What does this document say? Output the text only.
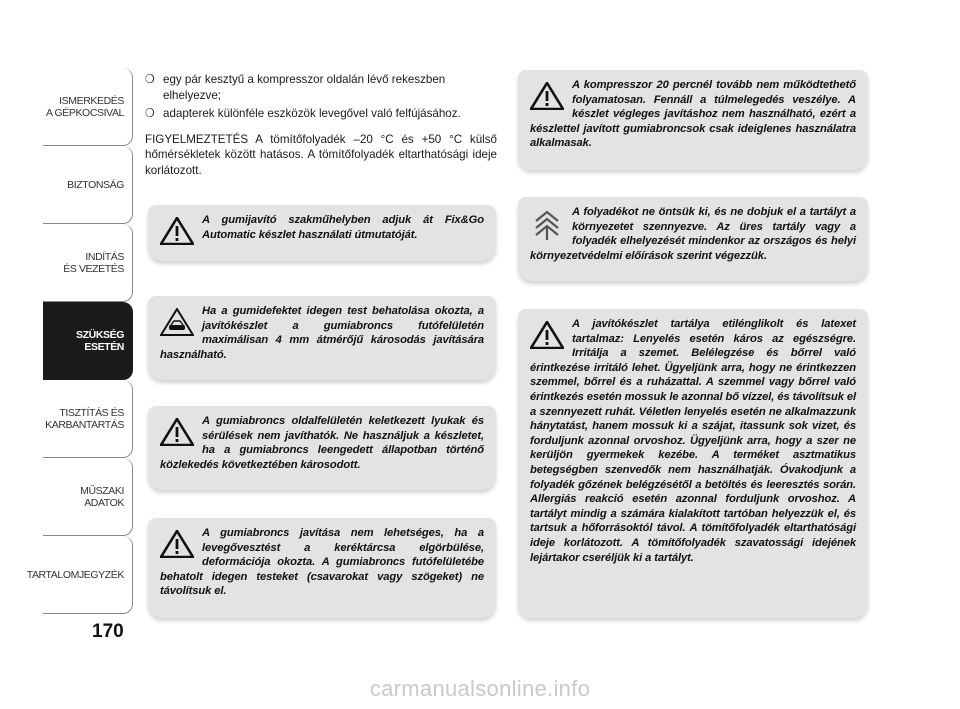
ISMERKEDÉS
A GÉPKOCSIVAL
BIZTONSÁG
INDÍTÁS
ÉS VEZETÉS
SZÜKSÉG
ESETÉN
TISZTÍTÁS ÉS
KARBANTARTÁS
MŰSZAKI
ADATOK
TARTALOMJEGYZÉK
170
❍ egy pár kesztyű a kompresszor oldalán lévő rekeszben elhelyezve;
❍ adapterek különféle eszközök levegővel való felfújásához.
FIGYELMEZTETÉS A tömítőfolyadék –20 °C és +50 °C külső hőmérsékletek között hatásos. A tömítőfolyadék eltarthatósági ideje korlátozott.
A gumijavító szakműhelyben adjuk át Fix&Go Automatic készlet használati útmutatóját.
Ha a gumidefektet idegen test behatolása okozta, a javítókészlet a gumiabroncs futófelületén maximálisan 4 mm átmérőjű károsodás javítására használható.
A gumiabroncs oldalfelületén keletkezett lyukak és sérülések nem javíthatók. Ne használjuk a készletet, ha a gumiabroncs leengedett állapotban történő közlekedés következtében károsodott.
A gumiabroncs javítása nem lehetséges, ha a levegővesztést a keréktárcsa elgörbülése, deformációja okozta. A gumiabroncs futófelületébe behatolt idegen testeket (csavarokat vagy szögeket) ne távolítsuk el.
A kompresszor 20 percnél tovább nem működtethető folyamatosan. Fennáll a túlmelegedés veszélye. A készlet végleges javításhoz nem használható, ezért a készlettel javított gumiabroncsok csak ideiglenes használatra alkalmasak.
A folyadékot ne öntsük ki, és ne dobjuk el a tartályt a környezetet szennyezve. Az üres tartály vagy a folyadék elhelyezését mindenkor az országos és helyi környezetvédelmi előírások szerint végezzük.
A javítókészlet tartálya etilénglikolt és latexet tartalmaz: Lenyelés esetén káros az egészségre. Irritálja a szemet. Belélegzése és bőrrel való érintkezése irritáló lehet. Ügyeljünk arra, hogy ne érintkezzen szemmel, bőrrel és a ruházattal. A szemmel vagy bőrrel való érintkezés esetén mossuk le azonnal bő vízzel, és távolítsuk el a szennyezett ruhát. Véletlen lenyelés esetén ne alkalmazzunk hánytatást, hanem mossuk ki a szájat, itassunk sok vizet, és forduljunk azonnal orvoshoz. Ügyeljünk arra, hogy a szer ne kerüljön gyermekek kezébe. A terméket asztmatikus betegségben szenvedők nem használhatják. Óvakodjunk a folyadék gőzének belégzésétől a betöltés és leeresztés során. Allergiás reakció esetén azonnal forduljunk orvoshoz. A tartályt mindig a számára kialakított tartóban helyezzük el, és tartsuk a hőforrásoktól távol. A tömítőfolyadék eltarthatósági ideje korlátozott. A tömítőfolyadék szavatossági idejének lejártakor cseréljük ki a tartályt.
carmanualsonline.info
